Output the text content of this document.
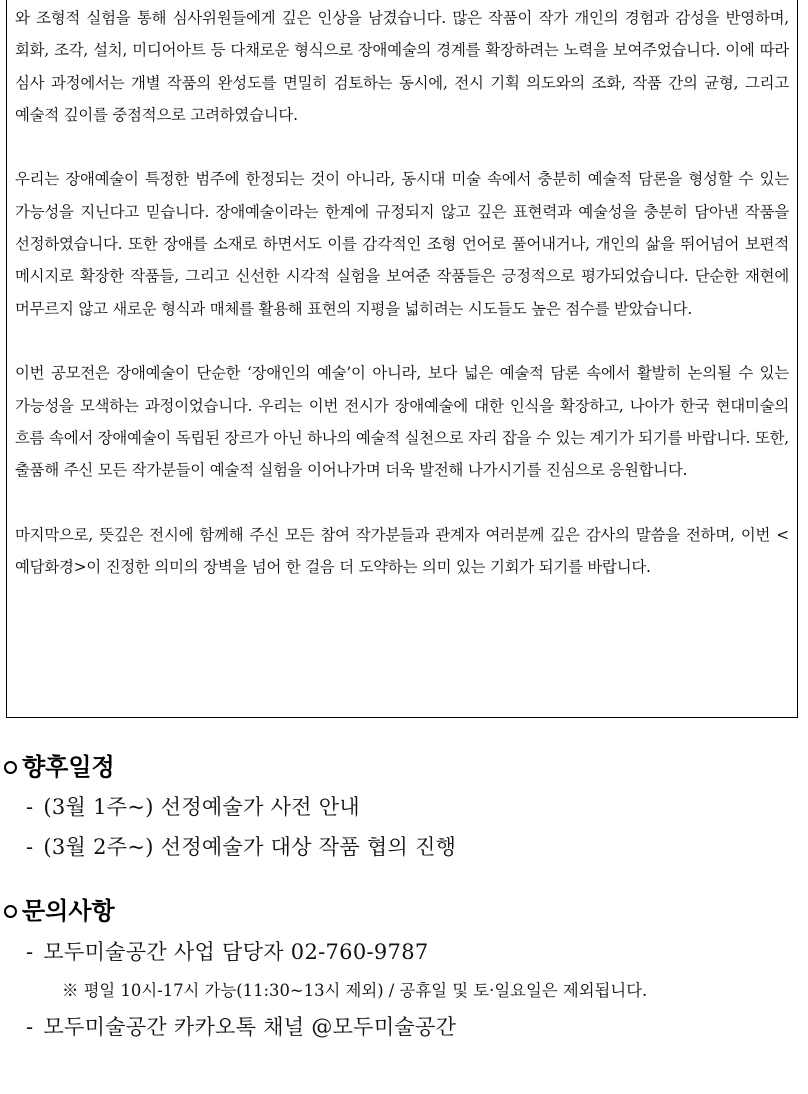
와 조형적 실험을 통해 심사위원들에게 깊은 인상을 남겼습니다. 많은 작품이 작가 개인의 경험과 감성을 반영하며, 회화, 조각, 설치, 미디어아트 등 다채로운 형식으로 장애예술의 경계를 확장하려는 노력을 보여주었습니다. 이에 따라 심사 과정에서는 개별 작품의 완성도를 면밀히 검토하는 동시에, 전시 기획 의도와의 조화, 작품 간의 균형, 그리고 예술적 깊이를 중점적으로 고려하였습니다.

우리는 장애예술이 특정한 범주에 한정되는 것이 아니라, 동시대 미술 속에서 충분히 예술적 담론을 형성할 수 있는 가능성을 지닌다고 믿습니다. 장애예술이라는 한계에 규정되지 않고 깊은 표현력과 예술성을 충분히 담아낸 작품을 선정하였습니다. 또한 장애를 소재로 하면서도 이를 감각적인 조형 언어로 풀어내거나, 개인의 삶을 뛰어넘어 보편적 메시지로 확장한 작품들, 그리고 신선한 시각적 실험을 보여준 작품들은 긍정적으로 평가되었습니다. 단순한 재현에 머무르지 않고 새로운 형식과 매체를 활용해 표현의 지평을 넓히려는 시도들도 높은 점수를 받았습니다.

이번 공모전은 장애예술이 단순한 ‘장애인의 예술’이 아니라, 보다 넓은 예술적 담론 속에서 활발히 논의될 수 있는 가능성을 모색하는 과정이었습니다. 우리는 이번 전시가 장애예술에 대한 인식을 확장하고, 나아가 한국 현대미술의 흐름 속에서 장애예술이 독립된 장르가 아닌 하나의 예술적 실천으로 자리 잡을 수 있는 계기가 되기를 바랍니다. 또한, 출품해 주신 모든 작가분들이 예술적 실험을 이어나가며 더욱 발전해 나가시기를 진심으로 응원합니다.

마지막으로, 뜻깊은 전시에 함께해 주신 모든 참여 작가분들과 관계자 여러분께 깊은 감사의 말씀을 전하며, 이번 <예담화경>이 진정한 의미의 장벽을 넘어 한 걸음 더 도약하는 의미 있는 기회가 되기를 바랍니다.

향후일정
- (3월 1주~) 선정예술가 사전 안내
- (3월 2주~) 선정예술가 대상 작품 협의 진행
문의사항
- 모두미술공간 사업 담당자 02-760-9787
※ 평일 10시-17시 가능(11:30~13시 제외) / 공휴일 및 토·일요일은 제외됩니다.
- 모두미술공간 카카오톡 채널 @모두미술공간
